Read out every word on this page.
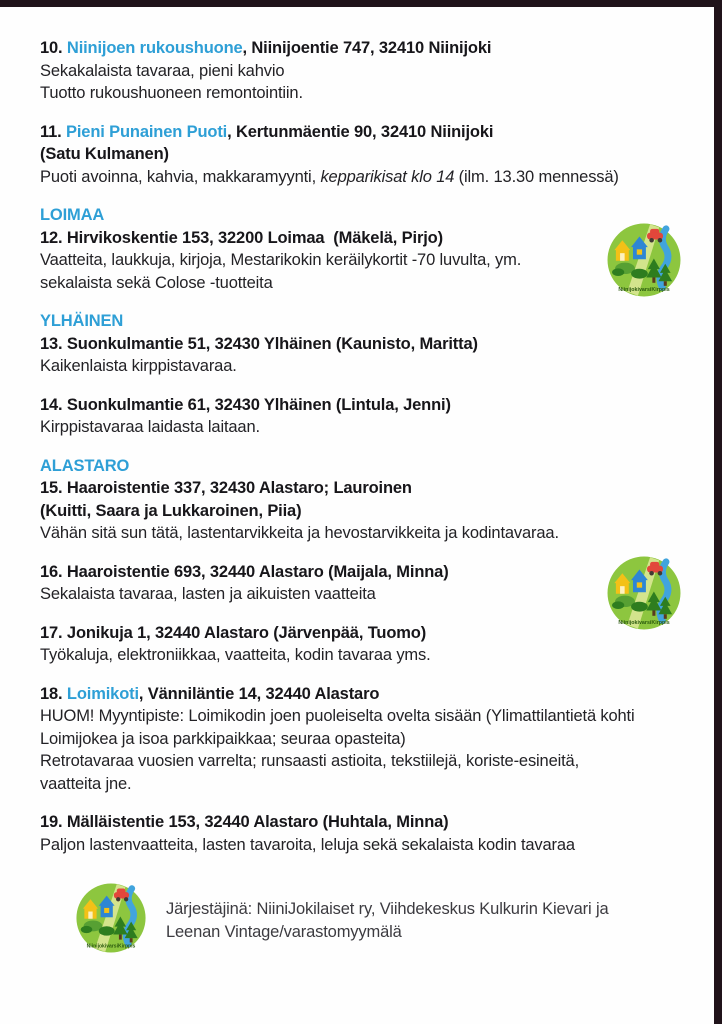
10. Niinijoen rukoushuone, Niinijoentie 747, 32410 Niinijoki
Sekakalaista tavaraa, pieni kahvio
Tuotto rukoushuoneen remontointiin.
11. Pieni Punainen Puoti, Kertunmäentie 90, 32410 Niinijoki
(Satu Kulmanen)
Puoti avoinna, kahvia, makkaramyynti, kepparikisat klo 14 (ilm. 13.30 mennessä)
LOIMAA
12. Hirvikoskentie 153, 32200 Loimaa  (Mäkelä, Pirjo)
Vaatteita, laukkuja, kirjoja, Mestarikokin keräilykortit -70 luvulta, ym.
sekalaista sekä Colose -tuotteita	NiinijokivarsiKirppis
YLHÄINEN
13. Suonkulmantie 51, 32430 Ylhäinen (Kaunisto, Maritta)
Kaikenlaista kirppistavaraa.
14. Suonkulmantie 61, 32430 Ylhäinen (Lintula, Jenni)
Kirppistavaraa laidasta laitaan.
ALASTARO
15. Haaroistentie 337, 32430 Alastaro; Lauroinen
(Kuitti, Saara ja Lukkaroinen, Piia)
Vähän sitä sun tätä, lastentarvikkeita ja hevostarvikkeita ja kodintavaraa.
16. Haaroistentie 693, 32440 Alastaro (Maijala, Minna)
Sekalaista tavaraa, lasten ja aikuisten vaatteita
NiinijokivarsiKirppis
17. Jonikuja 1, 32440 Alastaro (Järvenpää, Tuomo)
Työkaluja, elektroniikkaa, vaatteita, kodin tavaraa yms.
18. Loimikoti, Vänniläntie 14, 32440 Alastaro
HUOM! Myyntipiste: Loimikodin joen puoleiselta ovelta sisään (Ylimattilantietä kohti
Loimijokea ja isoa parkkipaikkaa; seuraa opasteita)
Retrotavaraa vuosien varrelta; runsaasti astioita, tekstiilejä, koriste-esineitä,
vaatteita jne.
19. Mälläistentie 153, 32440 Alastaro (Huhtala, Minna)
Paljon lastenvaatteita, lasten tavaroita, leluja sekä sekalaista kodin tavaraa
NiinijokivarsiKirppis
Järjestäjinä: NiiniJokilaiset ry, Viihdekeskus Kulkurin Kievari ja
Leenan Vintage/varastomyymälä
